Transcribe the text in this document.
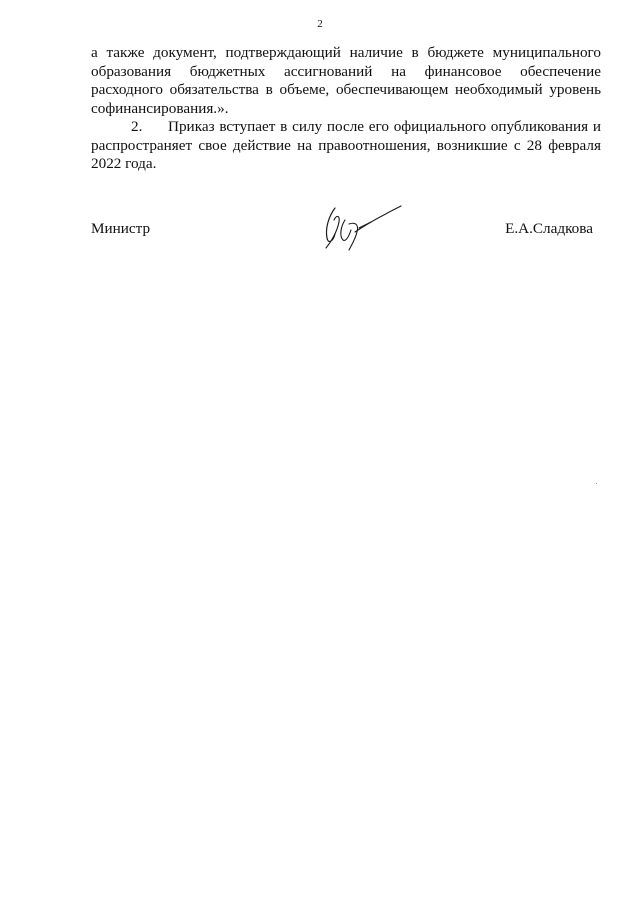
2

а также документ, подтверждающий наличие в бюджете муниципального образования бюджетных ассигнований на финансовое обеспечение расходного обязательства в объеме, обеспечивающем необходимый уровень софинансирования.».

2. Приказ вступает в силу после его официального опубликования и распространяет свое действие на правоотношения, возникшие с 28 февраля 2022 года.

Министр	Е.А.Сладкова
